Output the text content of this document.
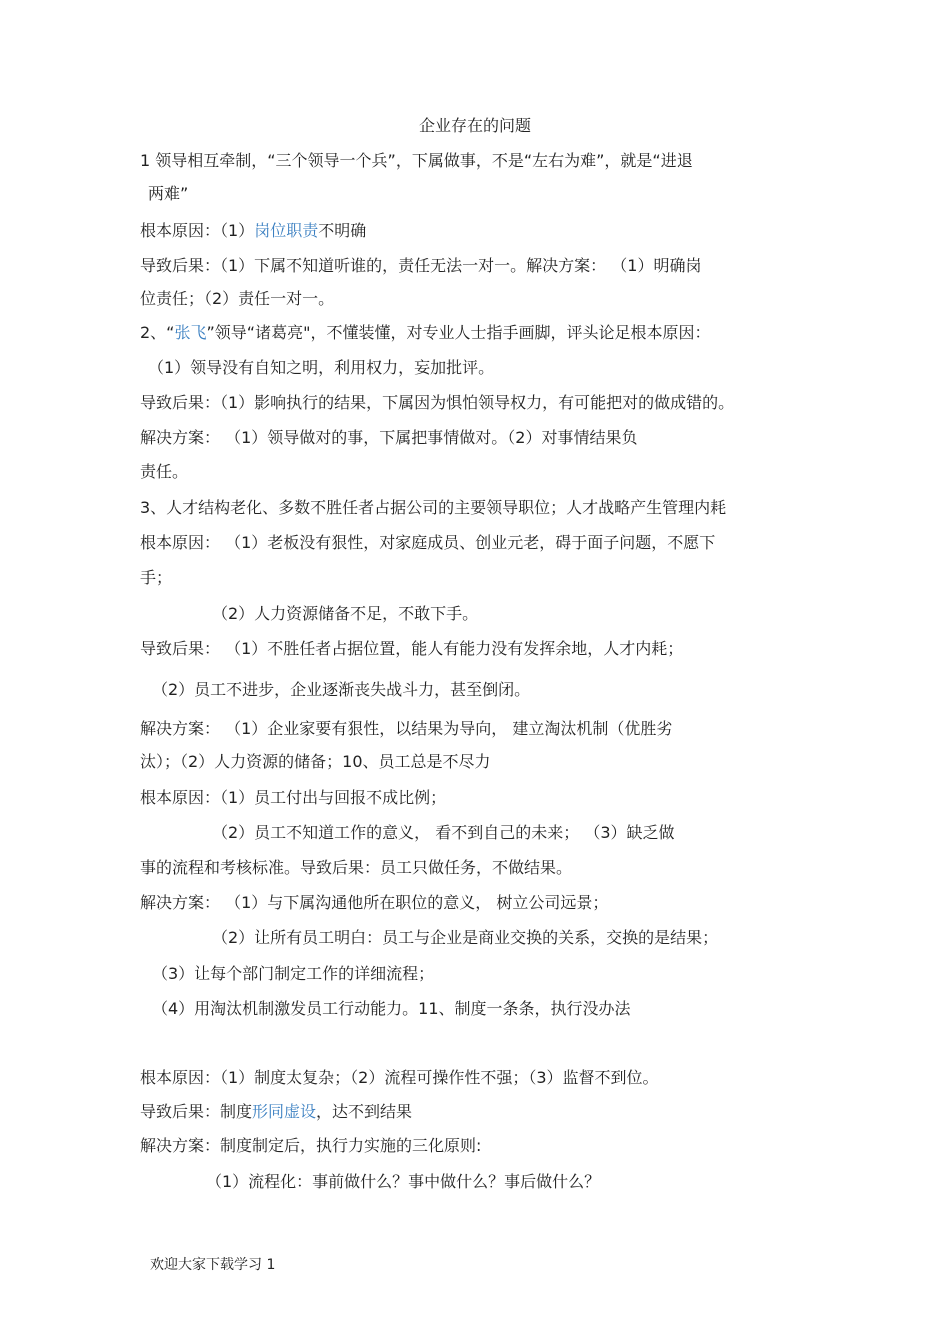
企业存在的问题
1 领导相互牵制，“三个领导一个兵”，下属做事，不是“左右为难”，就是“进退
两难”
根本原因：（1）岗位职责不明确
导致后果：（1）下属不知道听谁的，责任无法一对一。解决方案： （1）明确岗
位责任；（2）责任一对一。
2、“张飞”领导“诸葛亮"，不懂装懂，对专业人士指手画脚，评头论足根本原因：
（1）领导没有自知之明，利用权力，妄加批评。
导致后果：（1）影响执行的结果，下属因为惧怕领导权力，有可能把对的做成错的。
解决方案： （1）领导做对的事，下属把事情做对。（2）对事情结果负
责任。
3、人才结构老化、多数不胜任者占据公司的主要领导职位；人才战略产生管理内耗
根本原因： （1）老板没有狠性，对家庭成员、创业元老，碍于面子问题，不愿下
手；
（2）人力资源储备不足，不敢下手。
导致后果： （1）不胜任者占据位置，能人有能力没有发挥余地，人才内耗；
（2）员工不进步，企业逐渐丧失战斗力，甚至倒闭。
解决方案： （1）企业家要有狠性，以结果为导向， 建立淘汰机制（优胜劣
汰）；（2）人力资源的储备；10、员工总是不尽力
根本原因：（1）员工付出与回报不成比例；
（2）员工不知道工作的意义， 看不到自己的未来； （3）缺乏做
事的流程和考核标准。导致后果：员工只做任务，不做结果。
解决方案： （1）与下属沟通他所在职位的意义， 树立公司远景；
（2）让所有员工明白：员工与企业是商业交换的关系，交换的是结果；
（3）让每个部门制定工作的详细流程；
（4）用淘汰机制激发员工行动能力。11、制度一条条，执行没办法
根本原因：（1）制度太复杂；（2）流程可操作性不强；（3）监督不到位。
导致后果：制度形同虚设，达不到结果
解决方案：制度制定后，执行力实施的三化原则:
（1）流程化：事前做什么？事中做什么？事后做什么？
欢迎大家下载学习 1
